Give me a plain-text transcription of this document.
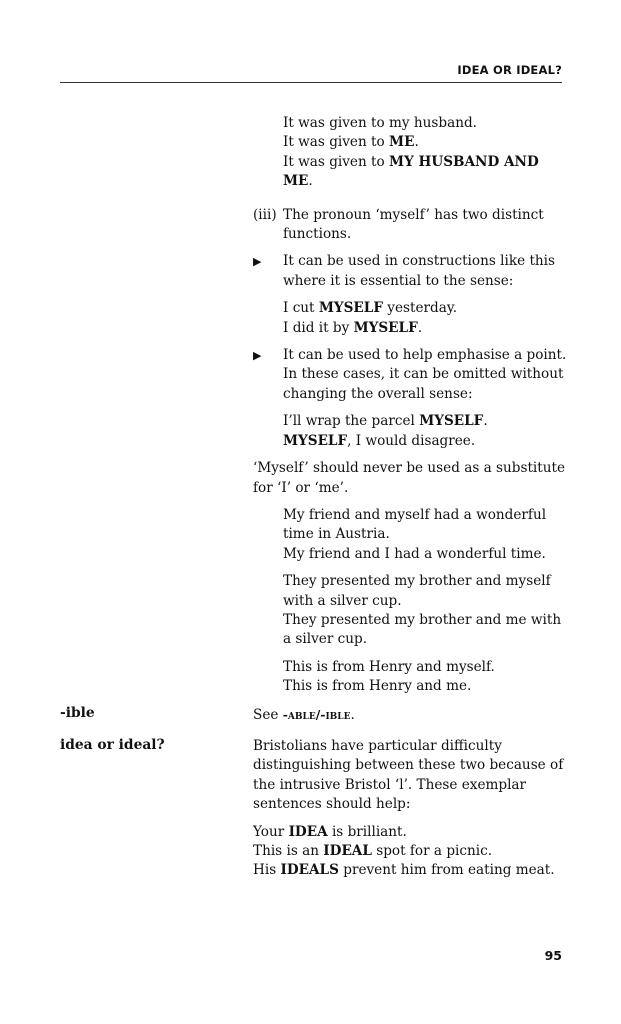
IDEA OR IDEAL?

It was given to my husband.

It was given to ME.

It was given to MY HUSBAND AND ME.

(iii) The pronoun ‘myself’ has two distinct functions.

▶ It can be used in constructions like this where it is essential to the sense:

I cut MYSELF yesterday.

I did it by MYSELF.

▶ It can be used to help emphasise a point. In these cases, it can be omitted without changing the overall sense:

I’ll wrap the parcel MYSELF.

MYSELF, I would disagree.

‘Myself’ should never be used as a substitute for ‘I’ or ‘me’.

My friend and myself had a wonderful time in Austria.

My friend and I had a wonderful time.

They presented my brother and myself with a silver cup.

They presented my brother and me with a silver cup.

This is from Henry and myself.

This is from Henry and me.

See -able/-ible.

Bristolians have particular difficulty distinguishing between these two because of the intrusive Bristol ‘l’. These exemplar sentences should help:

Your IDEA is brilliant.

This is an IDEAL spot for a picnic.

His IDEALS prevent him from eating meat.

-ible
idea or ideal?
95
